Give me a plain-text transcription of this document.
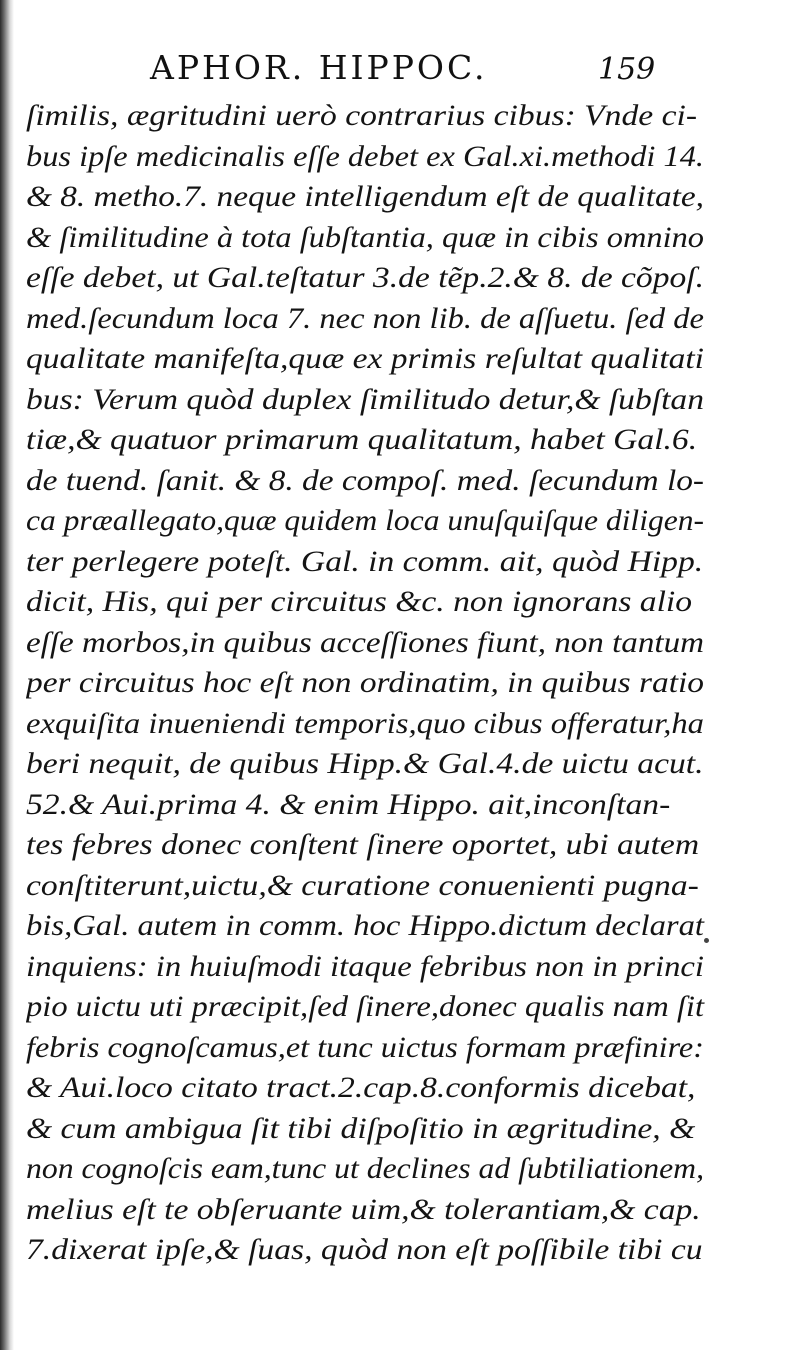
APHOR. HIPPOC.	159
ſimilis, ægritudini uerò contrarius cibus: Vnde ci-
bus ipſe medicinalis eſſe debet ex Gal.xi.methodi 14.
& 8. metho.7. neque intelligendum eſt de qualitate,
& ſimilitudine à tota ſubſtantia, quæ in cibis omnino
eſſe debet, ut Gal.teſtatur 3.de tẽp.2.& 8. de cõpoſ.
med.ſecundum loca 7. nec non lib. de aſſuetu. ſed de
qualitate manifeſta,quæ ex primis reſultat qualitati
bus: Verum quòd duplex ſimilitudo detur,& ſubſtan
tiæ,& quatuor primarum qualitatum, habet Gal.6.
de tuend. ſanit. & 8. de compoſ. med. ſecundum lo-
ca præallegato,quæ quidem loca unuſquiſque diligen-
ter perlegere poteſt. Gal. in comm. ait, quòd Hipp.
dicit, His, qui per circuitus &c. non ignorans alio
eſſe morbos,in quibus acceſſiones fiunt, non tantum
per circuitus hoc eſt non ordinatim, in quibus ratio
exquiſita inueniendi temporis,quo cibus offeratur,ha
beri nequit, de quibus Hipp.& Gal.4.de uictu acut.
52.& Aui.prima 4. & enim Hippo. ait,inconſtan-
tes febres donec conſtent ſinere oportet, ubi autem
conſtiterunt,uictu,& curatione conuenienti pugna-
bis,Gal. autem in comm. hoc Hippo.dictum declarat
inquiens: in huiuſmodi itaque febribus non in princi
pio uictu uti præcipit,ſed ſinere,donec qualis nam ſit
febris cognoſcamus,et tunc uictus formam præfinire:
& Aui.loco citato tract.2.cap.8.conformis dicebat,
& cum ambigua ſit tibi diſpoſitio in ægritudine, &
non cognoſcis eam,tunc ut declines ad ſubtiliationem,
melius eſt te obſeruante uim,& tolerantiam,& cap.
7.dixerat ipſe,& ſuas, quòd non eſt poſſibile tibi cu
